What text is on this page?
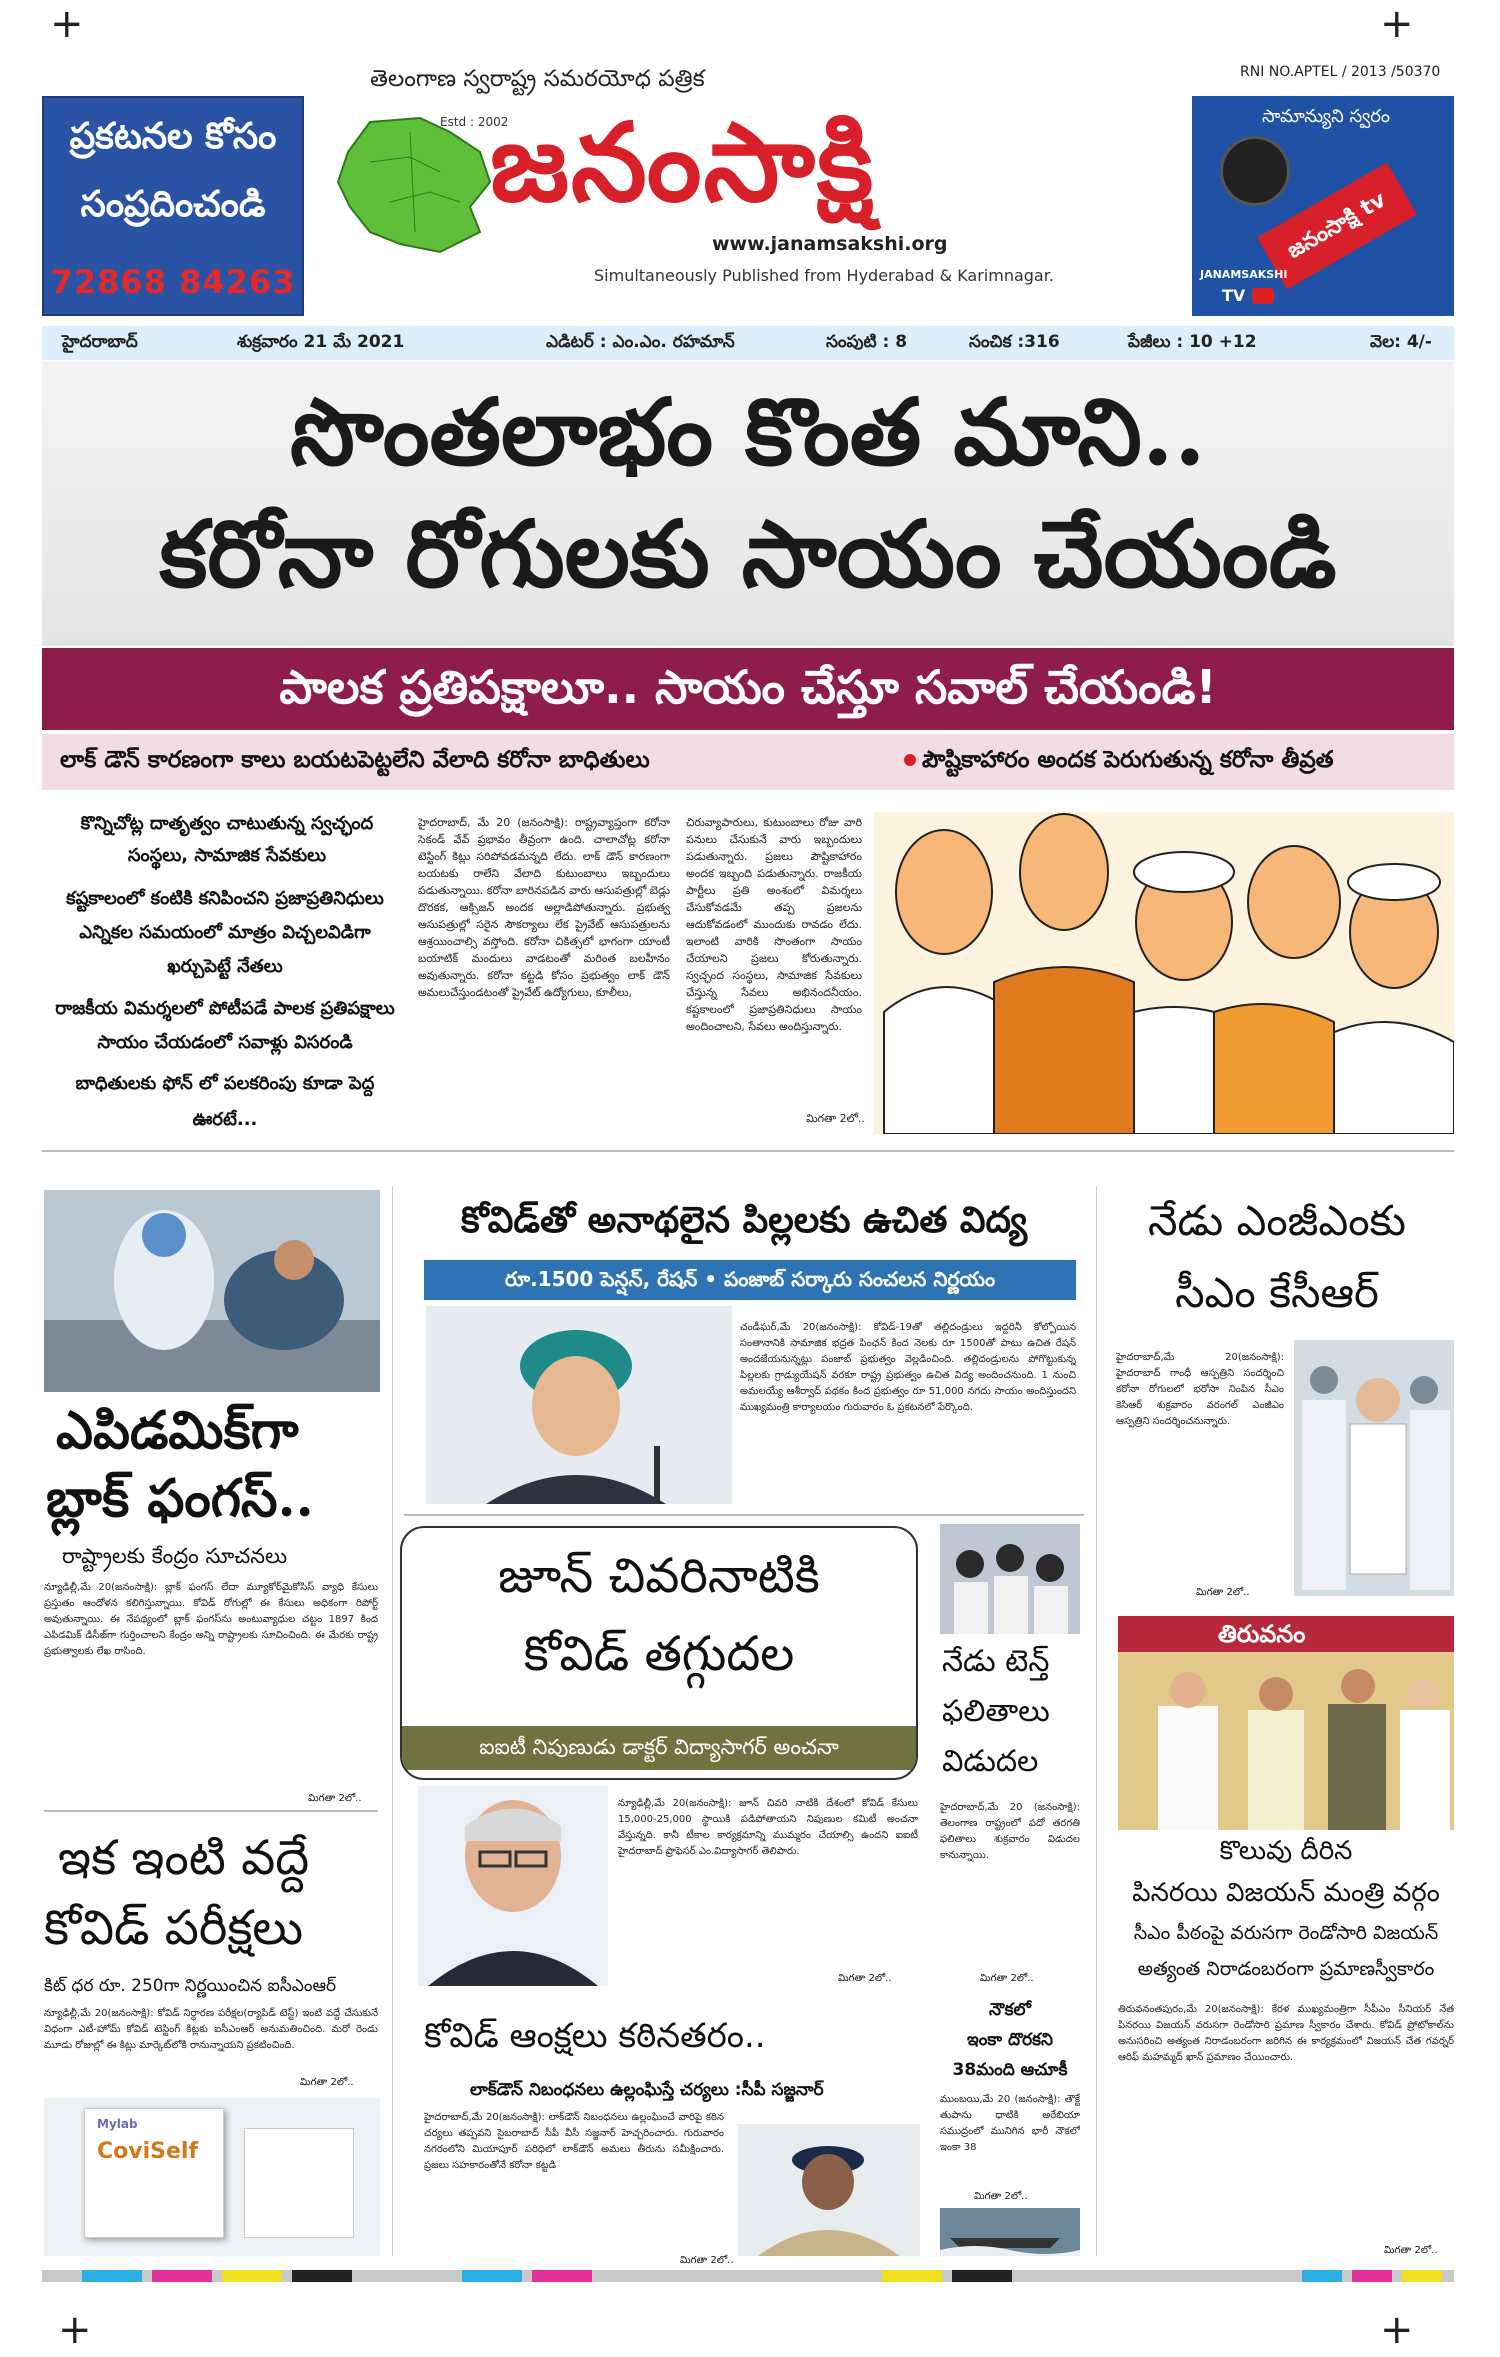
+	+
+	+
RNI NO.APTEL / 2013 /50370
ప్రకటనల కోసం
సంప్రదించండి
72868 84263
తెలంగాణ స్వరాష్ట్ర సమరయోధ పత్రిక
Estd : 2002
జనంసాక్షి
www.janamsakshi.org
Simultaneously Published from Hyderabad & Karimnagar.
సామాన్యుని స్వరం
జనంసాక్షి tv
JANAMSAKSHI
TV
హైదరాబాద్	శుక్రవారం 21 మే 2021	ఎడిటర్ : ఎం.ఎం. రహమాన్	సంపుటి : 8	సంచిక :316	పేజీలు : 10 +12	వెల: 4/-
సొంతలాభం కొంత మాని..
కరోనా రోగులకు సాయం చేయండి
పాలక ప్రతిపక్షాలూ.. సాయం చేస్తూ సవాల్ చేయండి!
లాక్ డౌన్ కారణంగా కాలు బయటపెట్టలేని వేలాది కరోనా బాధితులు	పౌష్టికాహారం అందక పెరుగుతున్న కరోనా తీవ్రత
కొన్నిచోట్ల దాతృత్వం చాటుతున్న స్వచ్ఛంద సంస్థలు, సామాజిక సేవకులు
కష్టకాలంలో కంటికి కనిపించని ప్రజాప్రతినిధులు ఎన్నికల సమయంలో మాత్రం విచ్చలవిడిగా ఖర్చుపెట్టే నేతలు
రాజకీయ విమర్శలలో పోటీపడే పాలక ప్రతిపక్షాలు సాయం చేయడంలో సవాళ్లు విసరండి
బాధితులకు ఫోన్ లో పలకరింపు కూడా పెద్ద ఊరటే...
హైదరాబాద్, మే 20 (జనంసాక్షి): రాష్ట్రవ్యాప్తంగా కరోనా సెకండ్ వేవ్ ప్రభావం తీవ్రంగా ఉంది. చాలాచోట్ల కరోనా టెస్టింగ్ కిట్లు సరిపోవడమన్నది లేదు. లాక్ డౌన్ కారణంగా బయటకు రాలేని వేలాది కుటుంబాలు ఇబ్బందులు పడుతున్నాయి. కరోనా బారినపడిన వారు ఆసుపత్రుల్లో బెడ్లు దొరకక, ఆక్సిజన్ అందక అల్లాడిపోతున్నారు. ప్రభుత్వ ఆసుపత్రుల్లో సరైన సౌకర్యాలు లేక ప్రైవేట్ ఆసుపత్రులను ఆశ్రయించాల్సి వస్తోంది. కరోనా చికిత్సలో భాగంగా యాంటీ బయాటిక్ మందులు వాడటంతో మరింత బలహీనం అవుతున్నారు. కరోనా కట్టడి కోసం ప్రభుత్వం లాక్ డౌన్ అమలుచేస్తుండటంతో ప్రైవేట్ ఉద్యోగులు, కూలీలు,
చిరువ్యాపారులు, కుటుంబాలు రోజు వారి పనులు చేసుకునే వారు ఇబ్బందులు పడుతున్నారు. ప్రజలు పౌష్టికాహారం అందక ఇబ్బంది పడుతున్నారు. రాజకీయ పార్టీలు ప్రతి అంశంలో విమర్శలు చేసుకోవడమే తప్ప ప్రజలను ఆదుకోవడంలో ముందుకు రావడం లేదు. ఇలాంటి వారికి సొంతంగా సాయం చేయాలని ప్రజలు కోరుతున్నారు. స్వచ్ఛంద సంస్థలు, సామాజిక సేవకులు చేస్తున్న సేవలు అభినందనీయం. కష్టకాలంలో ప్రజాప్రతినిధులు సాయం అందించాలని, సేవలు అందిస్తున్నారు.
మిగతా 2లో..
ఎపిడమిక్‌గా
బ్లాక్ ఫంగస్..
రాష్ట్రాలకు కేంద్రం సూచనలు
న్యూఢిల్లీ,మే 20(జనంసాక్షి): బ్లాక్ ఫంగస్ లేదా మ్యూకోర్‌మైకోసిస్ వ్యాధి కేసులు ప్రస్తుతం ఆందోళన కలిగిస్తున్నాయి. కోవిడ్ రోగుల్లో ఈ కేసులు అధికంగా రిపోర్ట్ అవుతున్నాయి. ఈ నేపథ్యంలో బ్లాక్ ఫంగస్‌ను అంటువ్యాధుల చట్టం 1897 కింద ఎపిడమిక్ డిసీజ్‌గా గుర్తించాలని కేంద్రం అన్ని రాష్ట్రాలకు సూచించింది. ఈ మేరకు రాష్ట్ర ప్రభుత్వాలకు లేఖ రాసింది.
మిగతా 2లో..
ఇక ఇంటి వద్దే
కోవిడ్ పరీక్షలు
కిట్ ధర రూ. 250గా నిర్ణయించిన ఐసీఎంఆర్
న్యూఢిల్లీ,మే 20(జనంసాక్షి): కోవిడ్ నిర్ధారణ పరీక్షల(ర్యాపిడ్ టెస్ట్) ఇంటి వద్దే చేసుకునే విధంగా ఎటీ-హోమ్ కోవిడ్ టెస్టింగ్ కిట్లకు ఐసీఎంఆర్ అనుమతించింది. మరో రెండు మూడు రోజుల్లో ఈ కిట్లు మార్కెట్‌లోకి రానున్నాయని ప్రకటించింది.
మిగతా 2లో..
Mylab
CoviSelf
కోవిడ్‌తో అనాథలైన పిల్లలకు ఉచిత విద్య
రూ.1500 పెన్షన్, రేషన్ • పంజాబ్ సర్కారు సంచలన నిర్ణయం
చండీఘర్,మే 20(జనంసాక్షి): కోవిడ్-19తో తల్లిదండ్రులు ఇద్దరినీ కోల్పోయిన సంతానానికి సామాజిక భద్రత పింఛన్ కింద నెలకు రూ 1500తో పాటు ఉచిత రేషన్ అందజేయనున్నట్లు పంజాబ్ ప్రభుత్వం వెల్లడించింది. తల్లిదండ్రులను పోగొట్టుకున్న పిల్లలకు గ్రాడ్యుయేషన్ వరకూ రాష్ట్ర ప్రభుత్వం ఉచిత విద్య అందించనుంది. 1 నుంచి అమలయ్యే ఆశీర్వాద్ పథకం కింద ప్రభుత్వం రూ 51,000 నగదు సాయం అందిస్తుందని ముఖ్యమంత్రి కార్యాలయం గురువారం ఓ ప్రకటనలో పేర్కొంది.
జూన్ చివరినాటికి
కోవిడ్ తగ్గుదల
ఐఐటీ నిపుణుడు డాక్టర్ విద్యాసాగర్ అంచనా
న్యూఢిల్లీ,మే 20(జనంసాక్షి): జూన్ చివరి నాటికి దేశంలో కోవిడ్ కేసులు 15,000-25,000 స్థాయికి పడిపోతాయని నిపుణుల కమిటీ అంచనా వేస్తున్నది. కానీ టీకాల కార్యక్రమాన్ని ముమ్మరం చేయాల్సి ఉందని ఐఐటీ హైదరాబాద్ ప్రొఫెసర్ ఎం.విద్యాసాగర్ తెలిపారు.
మిగతా 2లో..
కోవిడ్ ఆంక్షలు కఠినతరం..
లాక్‌డౌన్ నిబంధనలు ఉల్లంఘిస్తే చర్యలు :సీపీ సజ్జనార్
హైదరాబాద్,మే 20(జనంసాక్షి): లాక్‌డౌన్ నిబంధనలు ఉల్లంఘించే వారిపై కఠిన చర్యలు తప్పవని సైబరాబాద్ సీపీ వీసీ సజ్జనార్ హెచ్చరించారు. గురువారం నగరంలోని మియాపూర్ పరిధిలో లాక్‌డౌన్ అమలు తీరును సమీక్షించారు. ప్రజలు సహకారంతోనే కరోనా కట్టడి
మిగతా 2లో..
నేడు టెన్త్
ఫలితాలు
విడుదల
హైదరాబాద్,మే 20 (జనంసాక్షి): తెలంగాణ రాష్ట్రంలో పదో తరగతి ఫలితాలు శుక్రవారం విడుదల కానున్నాయి.
మిగతా 2లో..
నౌకలో
ఇంకా దొరకని
38మంది ఆచూకీ
ముంబయి,మే 20 (జనంసాక్షి): తౌక్టే తుపాను ధాటికి అరేబియా సముద్రంలో మునిగిన భారీ నౌకలో ఇంకా 38
మిగతా 2లో..
నేడు ఎంజీఎంకు
సీఎం కేసీఆర్
హైదరాబాద్,మే 20(జనంసాక్షి): హైదరాబాద్ గాంధీ ఆస్పత్రిని సందర్శించి కరోనా రోగులలో భరోసా నింపిన సీఎం కెసిఆర్ శుక్రవారం వరంగల్ ఎంజీఎం ఆస్పత్రిని సందర్శించనున్నారు.
మిగతా 2లో..
తిరువనం
కొలువు దీరిన
పినరయి విజయన్ మంత్రి వర్గం
సీఎం పీఠంపై వరుసగా రెండోసారి విజయన్
అత్యంత నిరాడంబరంగా ప్రమాణస్వీకారం
తిరువనంతపురం,మే 20(జనంసాక్షి): కేరళ ముఖ్యమంత్రిగా సీపీఎం సీనియర్ నేత పినరయి విజయన్ వరుసగా రెండోసారి ప్రమాణ స్వీకారం చేశారు. కోవిడ్ ప్రోటోకాల్‌ను అనుసరించి అత్యంత నిరాడంబరంగా జరిగిన ఈ కార్యక్రమంలో విజయన్ చేత గవర్నర్ ఆరిఫ్ మహమ్మద్ ఖాన్ ప్రమాణం చేయించారు.
మిగతా 2లో..
